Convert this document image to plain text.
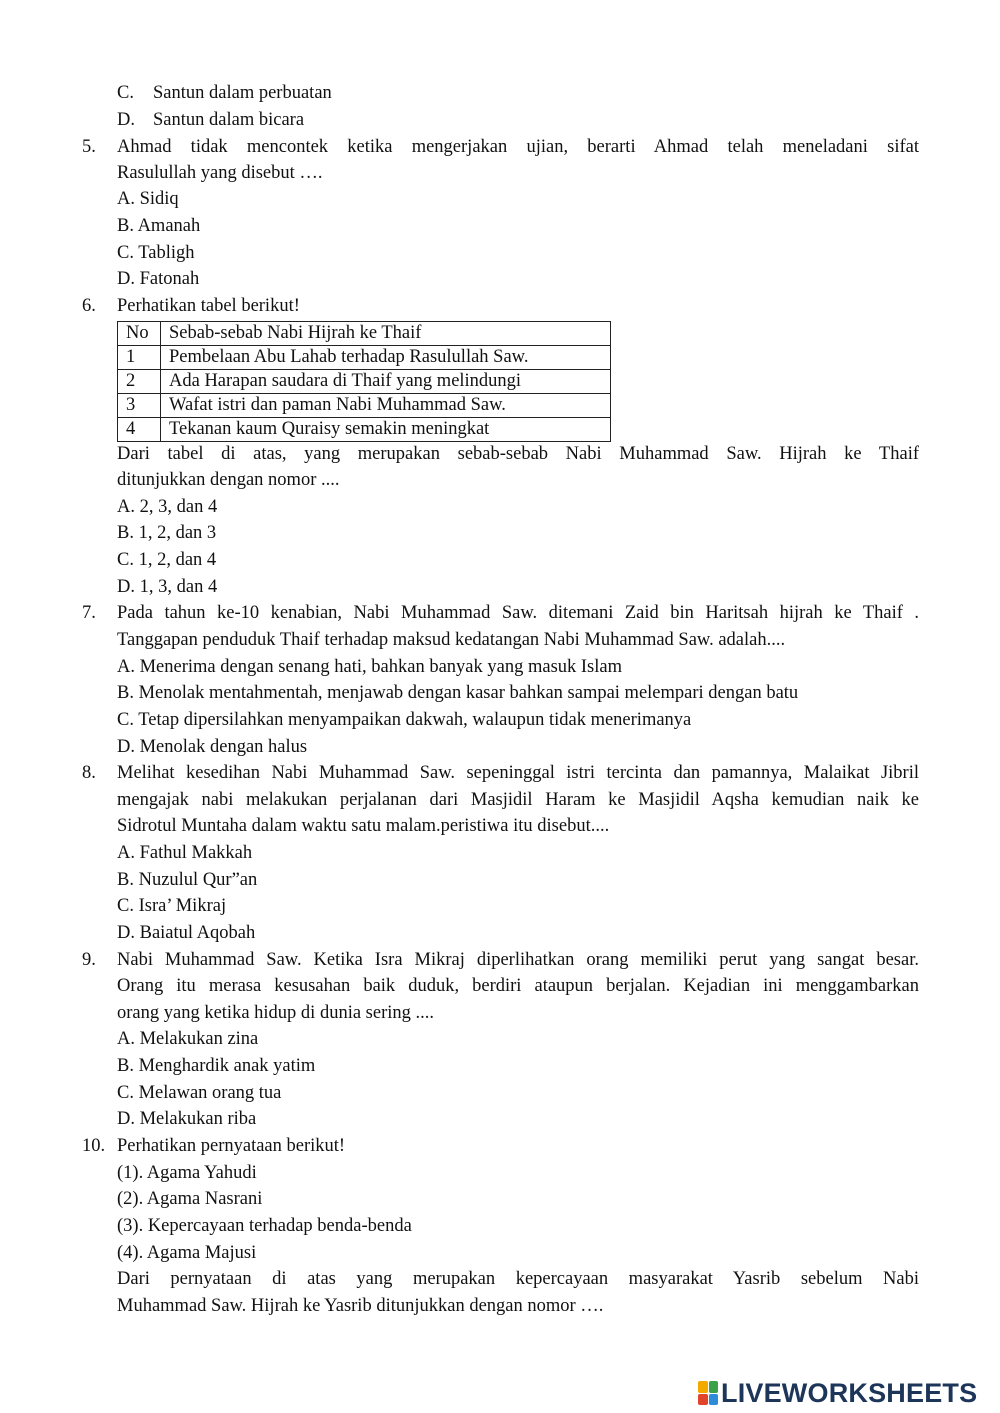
C. Santun dalam perbuatan
D. Santun dalam bicara
5. Ahmad tidak mencontek ketika mengerjakan ujian, berarti Ahmad telah meneladani sifat
Rasulullah yang disebut ….
A. Sidiq
B. Amanah
C. Tabligh
D. Fatonah
6. Perhatikan tabel berikut!
No	Sebab-sebab Nabi Hijrah ke Thaif
1	Pembelaan Abu Lahab terhadap Rasulullah Saw.
2	Ada Harapan saudara di Thaif yang melindungi
3	Wafat istri dan paman Nabi Muhammad Saw.
4	Tekanan kaum Quraisy semakin meningkat
Dari tabel di atas, yang merupakan sebab-sebab Nabi Muhammad Saw. Hijrah ke Thaif
ditunjukkan dengan nomor ....
A. 2, 3, dan 4
B. 1, 2, dan 3
C. 1, 2, dan 4
D. 1, 3, dan 4
7. Pada tahun ke-10 kenabian, Nabi Muhammad Saw. ditemani Zaid bin Haritsah hijrah ke Thaif .
Tanggapan penduduk Thaif terhadap maksud kedatangan Nabi Muhammad Saw. adalah....
A. Menerima dengan senang hati, bahkan banyak yang masuk Islam
B. Menolak mentahmentah, menjawab dengan kasar bahkan sampai melempari dengan batu
C. Tetap dipersilahkan menyampaikan dakwah, walaupun tidak menerimanya
D. Menolak dengan halus
8. Melihat kesedihan Nabi Muhammad Saw. sepeninggal istri tercinta dan pamannya, Malaikat Jibril
mengajak nabi melakukan perjalanan dari Masjidil Haram ke Masjidil Aqsha kemudian naik ke
Sidrotul Muntaha dalam waktu satu malam.peristiwa itu disebut....
A. Fathul Makkah
B. Nuzulul Qur”an
C. Isra’ Mikraj
D. Baiatul Aqobah
9. Nabi Muhammad Saw. Ketika Isra Mikraj diperlihatkan orang memiliki perut yang sangat besar.
Orang itu merasa kesusahan baik duduk, berdiri ataupun berjalan. Kejadian ini menggambarkan
orang yang ketika hidup di dunia sering ....
A. Melakukan zina
B. Menghardik anak yatim
C. Melawan orang tua
D. Melakukan riba
10. Perhatikan pernyataan berikut!
(1). Agama Yahudi
(2). Agama Nasrani
(3). Kepercayaan terhadap benda-benda
(4). Agama Majusi
Dari pernyataan di atas yang merupakan kepercayaan masyarakat Yasrib sebelum Nabi
Muhammad Saw. Hijrah ke Yasrib ditunjukkan dengan nomor ….
LIVEWORKSHEETS
